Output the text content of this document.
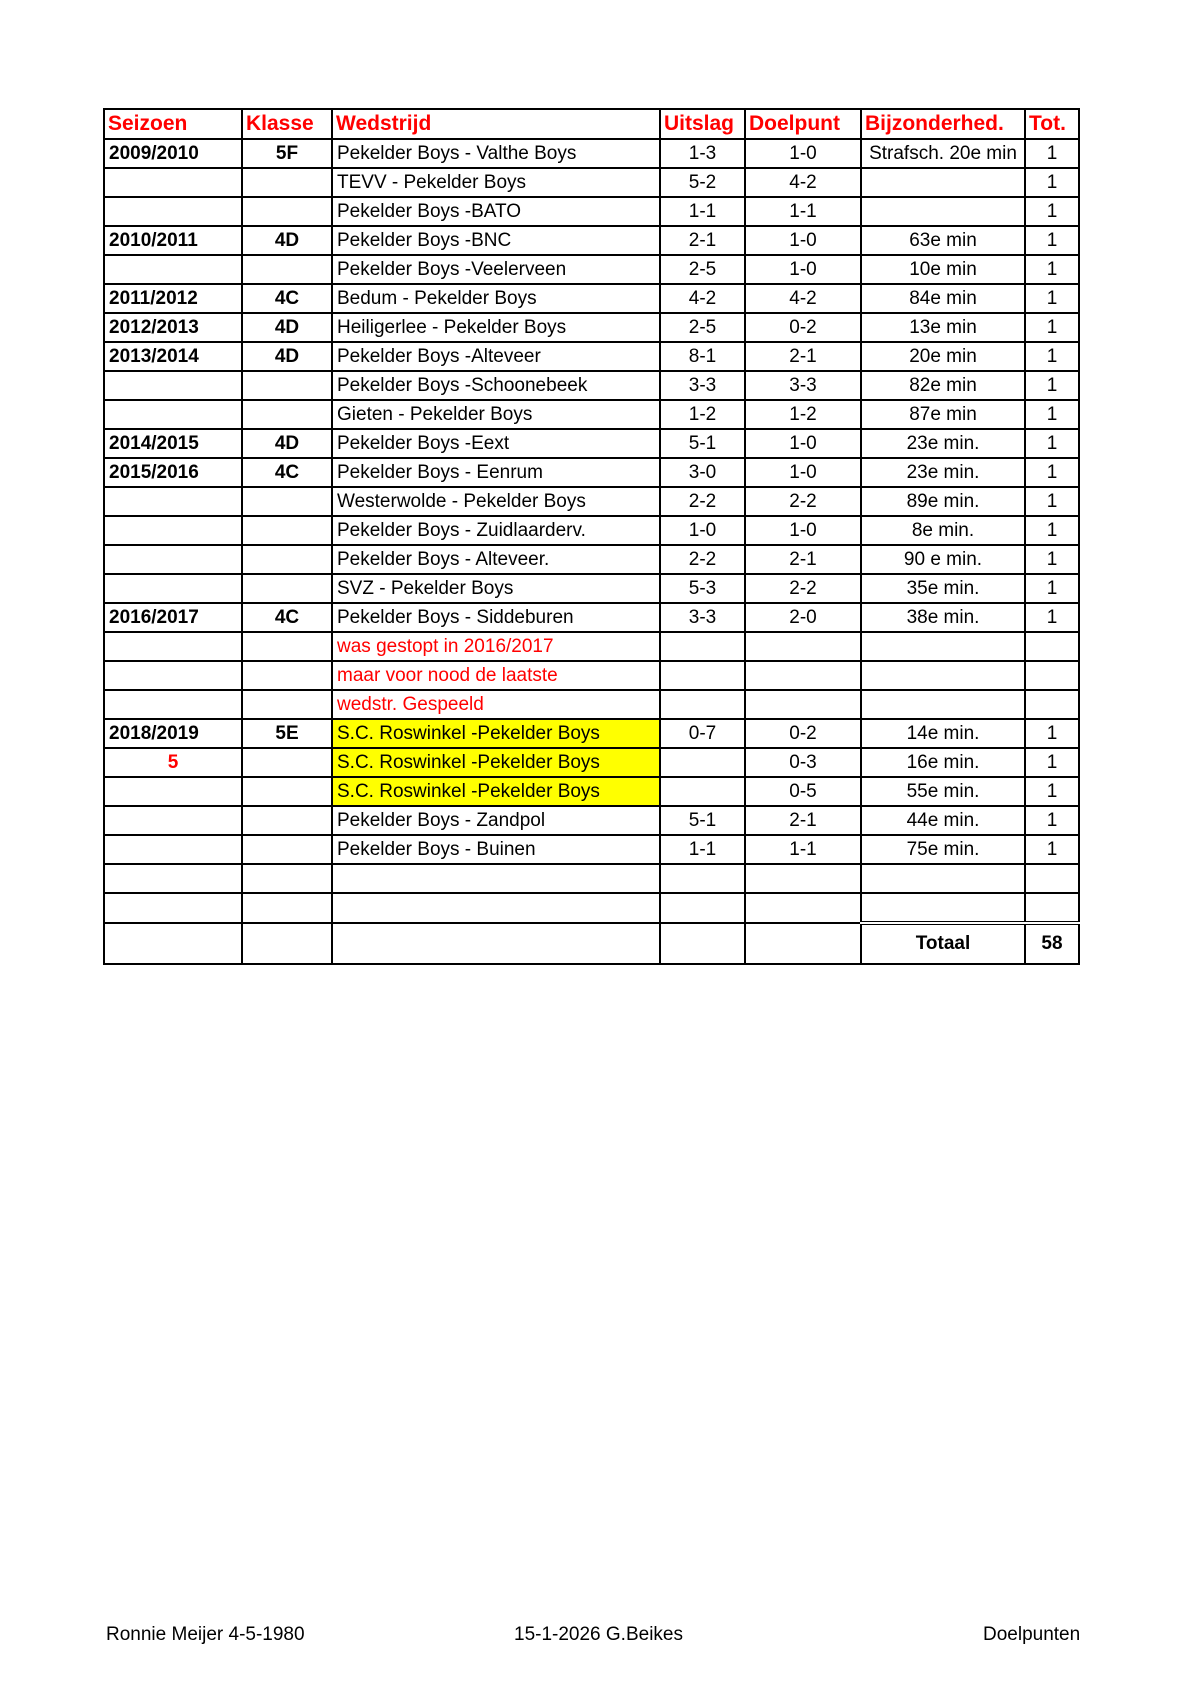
Seizoen	Klasse	Wedstrijd	Uitslag	Doelpunt	Bijzonderhed.	Tot.
2009/2010	5F	Pekelder Boys - Valthe Boys	1-3	1-0	Strafsch. 20e min	1
		TEVV - Pekelder Boys	5-2	4-2		1
		Pekelder Boys -BATO	1-1	1-1		1
2010/2011	4D	Pekelder Boys -BNC	2-1	1-0	63e min	1
		Pekelder Boys -Veelerveen	2-5	1-0	10e min	1
2011/2012	4C	Bedum - Pekelder Boys	4-2	4-2	84e min	1
2012/2013	4D	Heiligerlee - Pekelder Boys	2-5	0-2	13e min	1
2013/2014	4D	Pekelder Boys -Alteveer	8-1	2-1	20e min	1
		Pekelder Boys -Schoonebeek	3-3	3-3	82e min	1
		Gieten - Pekelder Boys	1-2	1-2	87e min	1
2014/2015	4D	Pekelder Boys -Eext	5-1	1-0	23e min.	1
2015/2016	4C	Pekelder Boys - Eenrum	3-0	1-0	23e min.	1
		Westerwolde - Pekelder Boys	2-2	2-2	89e min.	1
		Pekelder Boys - Zuidlaarderv.	1-0	1-0	8e min.	1
		Pekelder Boys - Alteveer.	2-2	2-1	90 e min.	1
		SVZ - Pekelder Boys	5-3	2-2	35e min.	1
2016/2017	4C	Pekelder Boys - Siddeburen	3-3	2-0	38e min.	1
		was gestopt in 2016/2017				
		maar voor nood de laatste				
		wedstr. Gespeeld				
2018/2019	5E	S.C. Roswinkel -Pekelder Boys	0-7	0-2	14e min.	1
5		S.C. Roswinkel -Pekelder Boys		0-3	16e min.	1
		S.C. Roswinkel -Pekelder Boys		0-5	55e min.	1
		Pekelder Boys - Zandpol	5-1	2-1	44e min.	1
		Pekelder Boys - Buinen	1-1	1-1	75e min.	1

					Totaal	58
Ronnie Meijer 4-5-1980	15-1-2026 G.Beikes	Doelpunten
